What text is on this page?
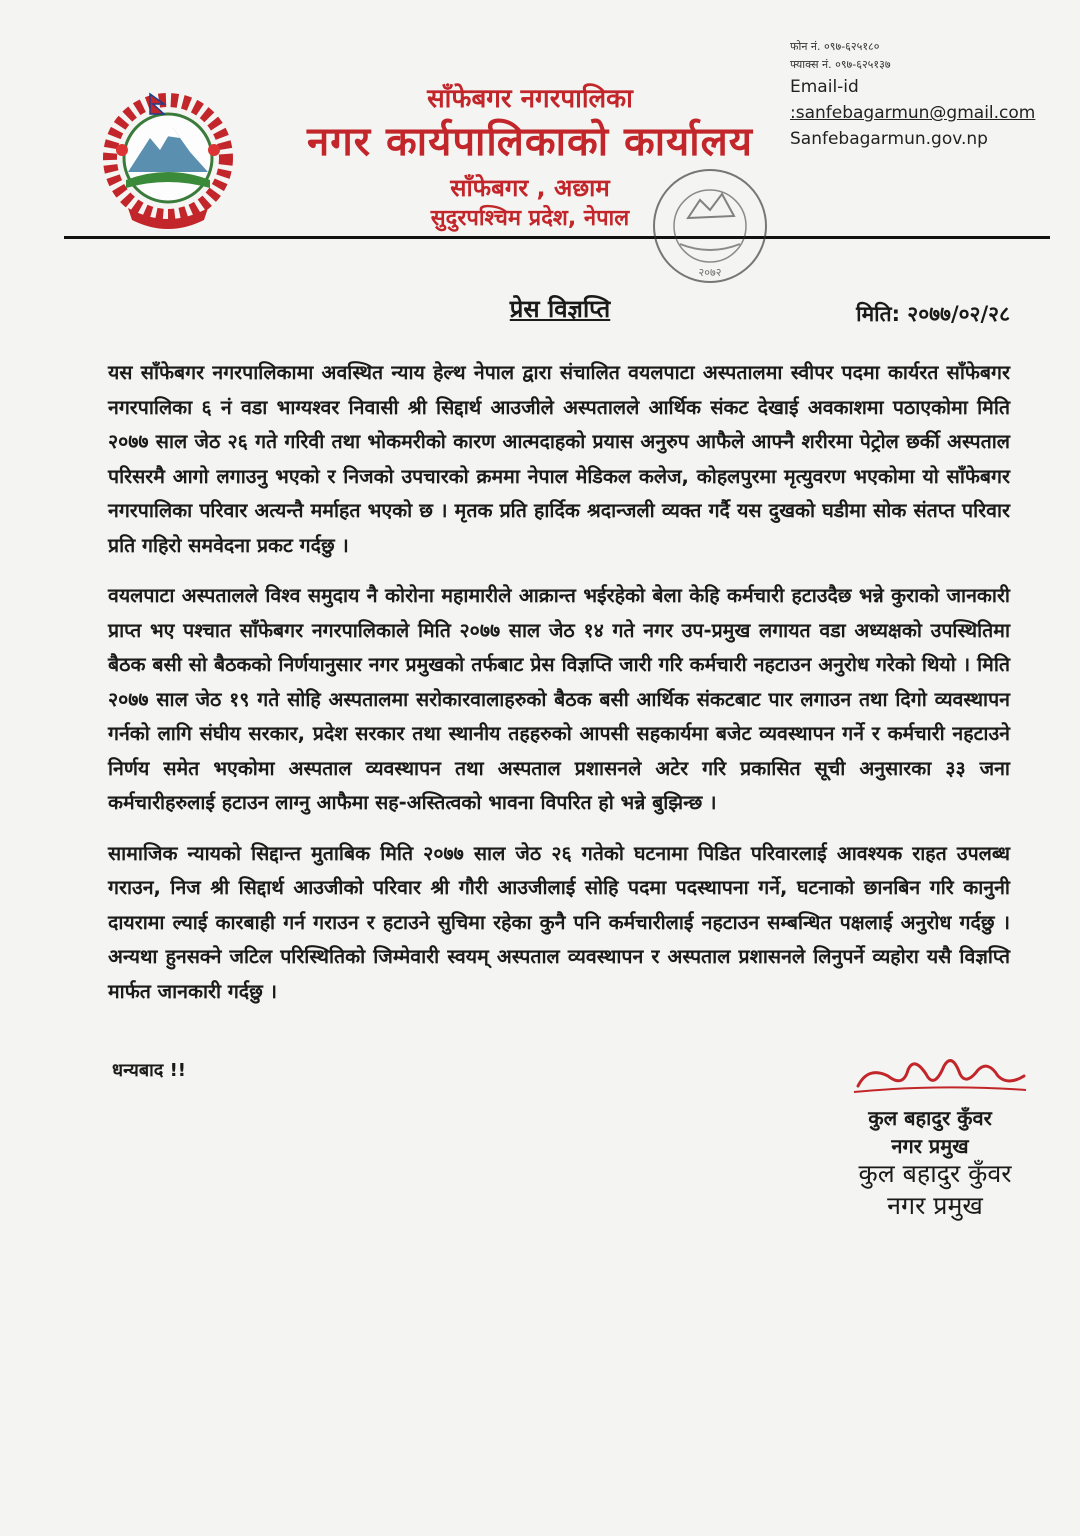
साँफेबगर नगरपालिका
नगर कार्यपालिकाको कार्यालय
साँफेबगर , अछाम
सुदुरपश्चिम प्रदेश, नेपाल
फोन नं. ०९७-६२५१८०
फ्याक्स नं. ०९७-६२५१३७
Email-id
:sanfebagarmun@gmail.com
Sanfebagarmun.gov.np
२०७२
प्रेस विज्ञप्ति	मिति: २०७७/०२/२८

यस साँफेबगर नगरपालिकामा अवस्थित न्याय हेल्थ नेपाल द्वारा संचालित वयलपाटा अस्पतालमा स्वीपर पदमा कार्यरत साँफेबगर नगरपालिका ६ नं वडा भाग्यश्वर निवासी श्री सिद्दार्थ आउजीले अस्पतालले आर्थिक संकट देखाई अवकाशमा पठाएकोमा मिति २०७७ साल जेठ २६ गते गरिवी तथा भोकमरीको कारण आत्मदाहको प्रयास अनुरुप आफैले आफ्नै शरीरमा पेट्रोल छर्की अस्पताल परिसरमै आगो लगाउनु भएको र निजको उपचारको क्रममा नेपाल मेडिकल कलेज, कोहलपुरमा मृत्युवरण भएकोमा यो साँफेबगर नगरपालिका परिवार अत्यन्तै मर्माहत भएको छ । मृतक प्रति हार्दिक श्रदान्जली व्यक्त गर्दै यस दुखको घडीमा सोक संतप्त परिवार प्रति गहिरो समवेदना प्रकट गर्दछु ।

वयलपाटा अस्पतालले विश्व समुदाय नै कोरोना महामारीले आक्रान्त भईरहेको बेला केहि कर्मचारी हटाउदैछ भन्ने कुराको जानकारी प्राप्त भए पश्चात साँफेबगर नगरपालिकाले मिति २०७७ साल जेठ १४ गते नगर उप-प्रमुख लगायत वडा अध्यक्षको उपस्थितिमा बैठक बसी सो बैठकको निर्णयानुसार नगर प्रमुखको तर्फबाट प्रेस विज्ञप्ति जारी गरि कर्मचारी नहटाउन अनुरोध गरेको थियो । मिति २०७७ साल जेठ १९ गते सोहि अस्पतालमा सरोकारवालाहरुको बैठक बसी आर्थिक संकटबाट पार लगाउन तथा दिगो व्यवस्थापन गर्नको लागि संघीय सरकार, प्रदेश सरकार तथा स्थानीय तहहरुको आपसी सहकार्यमा बजेट व्यवस्थापन गर्ने र कर्मचारी नहटाउने निर्णय समेत भएकोमा अस्पताल व्यवस्थापन तथा अस्पताल प्रशासनले अटेर गरि प्रकासित सूची अनुसारका ३३ जना कर्मचारीहरुलाई हटाउन लाग्नु आफैमा सह-अस्तित्वको भावना विपरित हो भन्ने बुझिन्छ ।

सामाजिक न्यायको सिद्दान्त मुताबिक मिति २०७७ साल जेठ २६ गतेको घटनामा पिडित परिवारलाई आवश्यक राहत उपलब्ध गराउन, निज श्री सिद्दार्थ आउजीको परिवार श्री गौरी आउजीलाई सोहि पदमा पदस्थापना गर्ने, घटनाको छानबिन गरि कानुनी दायरामा ल्याई कारबाही गर्न गराउन र हटाउने सुचिमा रहेका कुनै पनि कर्मचारीलाई नहटाउन सम्बन्धित पक्षलाई अनुरोध गर्दछु । अन्यथा हुनसक्ने जटिल परिस्थितिको जिम्मेवारी स्वयम् अस्पताल व्यवस्थापन र अस्पताल प्रशासनले लिनुपर्ने व्यहोरा यसै विज्ञप्ति मार्फत जानकारी गर्दछु ।

धन्यबाद !!
कुल बहादुर कुँवर
नगर प्रमुख
कुल बहादुर कुँवर
नगर प्रमुख
